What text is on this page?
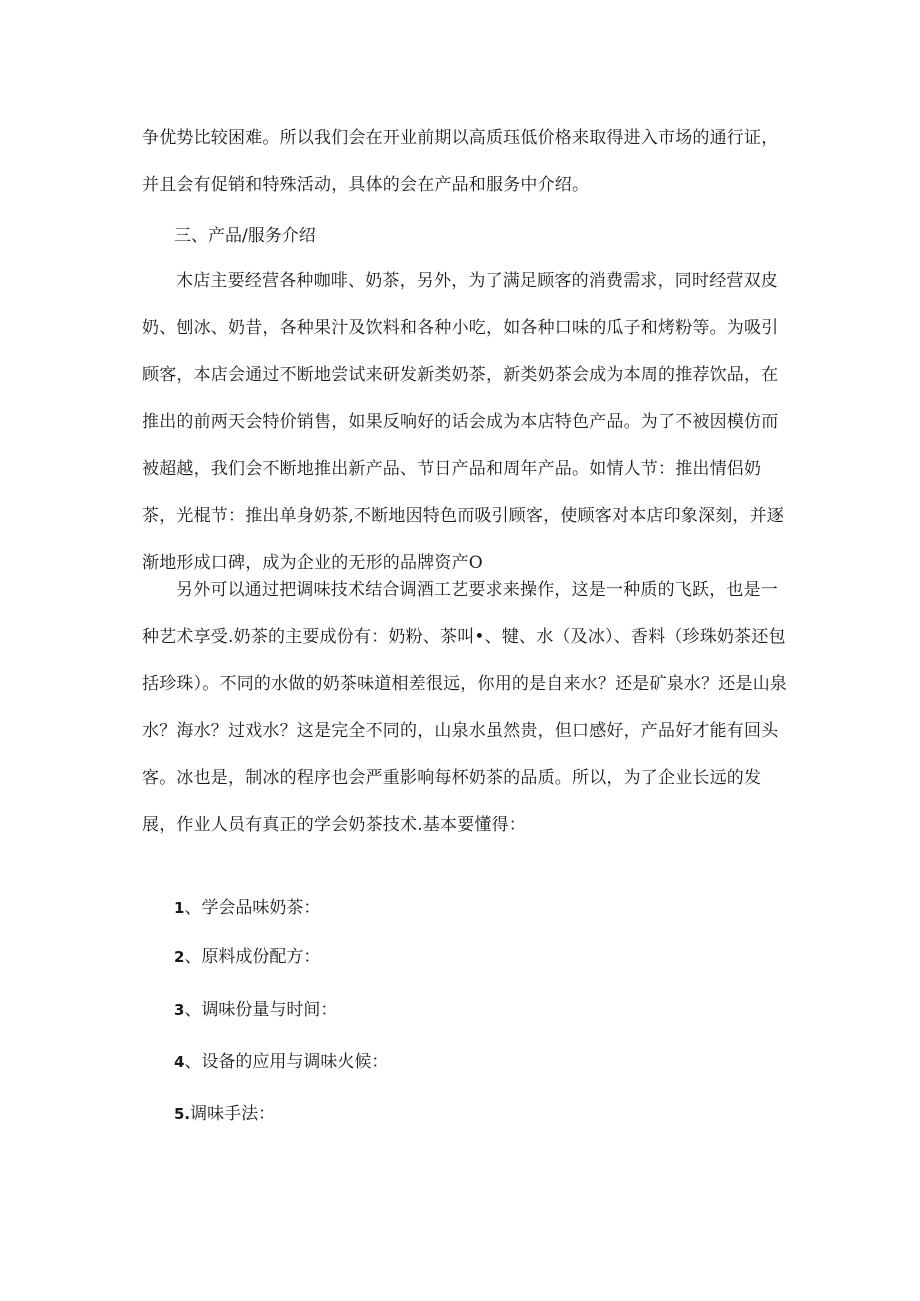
争优势比较困难。所以我们会在开业前期以高质珏低价格来取得进入市场的通行证，并且会有促销和特殊活动，具体的会在产品和服务中介绍。

三、产品/服务介绍

木店主要经营各种咖啡、奶茶，另外，为了满足顾客的消费需求，同时经营双皮奶、刨冰、奶昔，各种果汁及饮料和各种小吃，如各种口味的瓜子和烤粉等。为吸引顾客，本店会通过不断地尝试来研发新类奶茶，新类奶茶会成为本周的推荐饮品，在推出的前两天会特价销售，如果反响好的话会成为本店特色产品。为了不被因模仿而被超越，我们会不断地推出新产品、节日产品和周年产品。如情人节：推出情侣奶茶，光棍节：推出单身奶茶,不断地因特色而吸引顾客，使顾客对本店印象深刻，并逐渐地形成口碑，成为企业的无形的品牌资产O

另外可以通过把调味技术结合调酒工艺要求来操作，这是一种质的飞跃，也是一种艺术享受.奶茶的主要成份有：奶粉、茶叫•、犍、水（及冰）、香料（珍珠奶茶还包括珍珠）。不同的水做的奶茶味道相差很远，你用的是自来水？还是矿泉水？还是山泉水？海水？过戏水？这是完全不同的，山泉水虽然贵，但口感好，产品好才能有回头客。冰也是，制冰的程序也会严重影响每杯奶茶的品质。所以，为了企业长远的发展，作业人员有真正的学会奶茶技术.基本要懂得：

1、学会品味奶茶：
2、原料成份配方：
3、调味份量与时间：
4、设备的应用与调味火候：
5.调味手法：
